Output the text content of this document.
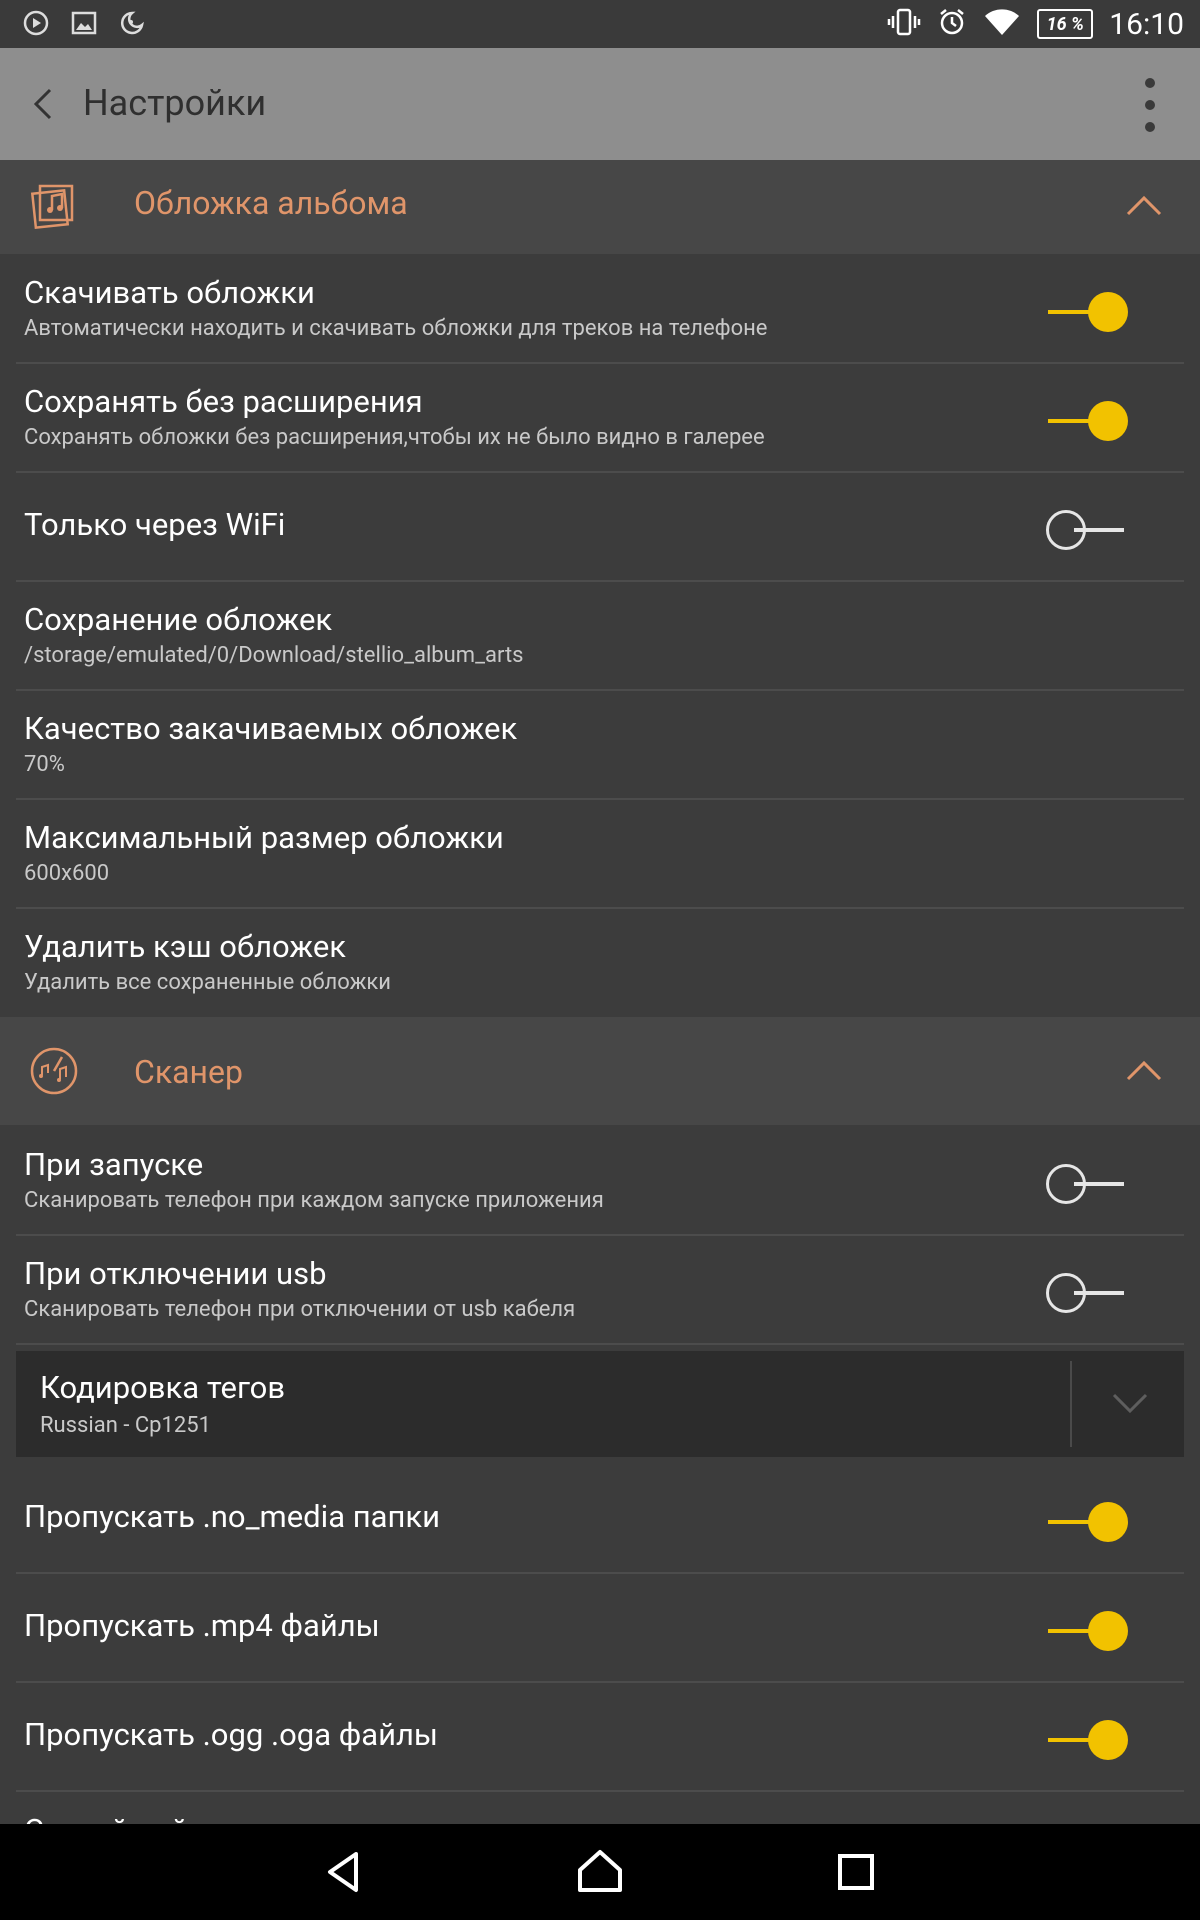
16 % 16:10
Настройки
Обложка альбома
Скачивать обложки
Автоматически находить и скачивать обложки для треков на телефоне
Сохранять без расширения
Сохранять обложки без расширения,чтобы их не было видно в галерее
Только через WiFi
Сохранение обложек
/storage/emulated/0/Download/stellio_album_arts
Качество закачиваемых обложек
70%
Максимальный размер обложки
600x600
Удалить кэш обложек
Удалить все сохраненные обложки
Сканер
При запуске
Сканировать телефон при каждом запуске приложения
При отключении usb
Сканировать телефон при отключении от usb кабеля
Кодировка тегов
Russian - Cp1251
Пропускать .no_media папки
Пропускать .mp4 файлы
Пропускать .ogg .oga файлы
